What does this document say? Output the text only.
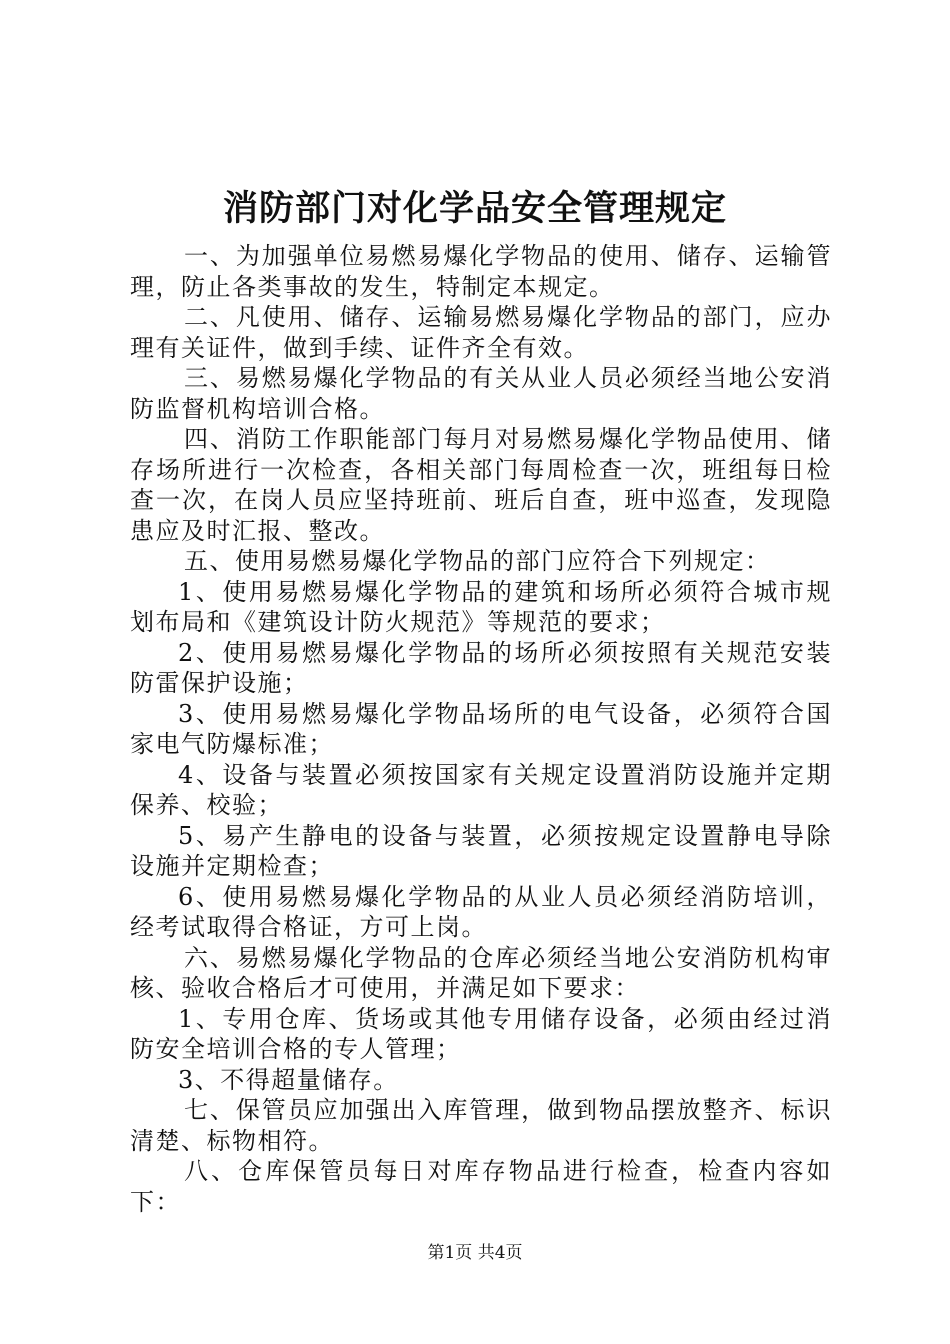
消防部门对化学品安全管理规定

一、为加强单位易燃易爆化学物品的使用、储存、运输管理，防止各类事故的发生，特制定本规定。

二、凡使用、储存、运输易燃易爆化学物品的部门，应办理有关证件，做到手续、证件齐全有效。

三、易燃易爆化学物品的有关从业人员必须经当地公安消防监督机构培训合格。

四、消防工作职能部门每月对易燃易爆化学物品使用、储存场所进行一次检查，各相关部门每周检查一次，班组每日检查一次，在岗人员应坚持班前、班后自查，班中巡查，发现隐患应及时汇报、整改。

五、使用易燃易爆化学物品的部门应符合下列规定：

1、使用易燃易爆化学物品的建筑和场所必须符合城市规划布局和《建筑设计防火规范》等规范的要求；

2、使用易燃易爆化学物品的场所必须按照有关规范安装防雷保护设施；

3、使用易燃易爆化学物品场所的电气设备，必须符合国家电气防爆标准；

4、设备与装置必须按国家有关规定设置消防设施并定期保养、校验；

5、易产生静电的设备与装置，必须按规定设置静电导除设施并定期检查；

6、使用易燃易爆化学物品的从业人员必须经消防培训，经考试取得合格证，方可上岗。

六、易燃易爆化学物品的仓库必须经当地公安消防机构审核、验收合格后才可使用，并满足如下要求：

1、专用仓库、货场或其他专用储存设备，必须由经过消防安全培训合格的专人管理；

3、不得超量储存。

七、保管员应加强出入库管理，做到物品摆放整齐、标识清楚、标物相符。

八、仓库保管员每日对库存物品进行检查，检查内容如下：

第1页 共4页
